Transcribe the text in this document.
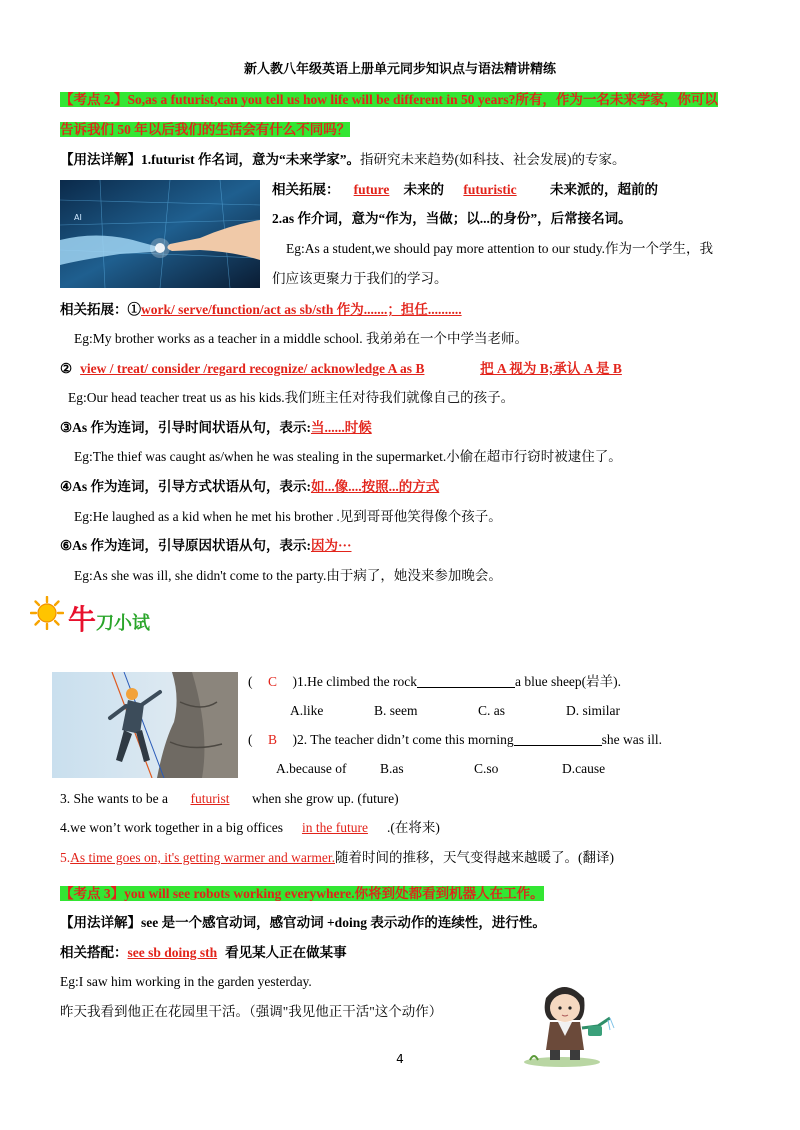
新人教八年级英语上册单元同步知识点与语法精讲精练
【考点 2.】So,as a futurist,can you tell us how life will be different in 50 years?所有，作为一名未来学家，你可以
告诉我们 50 年以后我们的生活会有什么不同吗？
【用法详解】1.futurist 作名词，意为“未来学家”。指研究未来趋势(如科技、社会发展)的专家。
AI
相关拓展： future 未来的 futuristic 未来派的，超前的
2.as 作介词，意为“作为，当做；以...的身份”，后常接名词。
Eg:As a student,we should pay more attention to our study.作为一个学生，我
们应该更聚力于我们的学习。
相关拓展：①work/ serve/function/act as sb/sth 作为.......；担任..........
Eg:My brother works as a teacher in a middle school. 我弟弟在一个中学当老师。
② view / treat/ consider /regard recognize/ acknowledge A as B	把 A 视为 B;承认 A 是 B
Eg:Our head teacher treat us as his kids.我们班主任对待我们就像自己的孩子。
③As 作为连词，引导时间状语从句，表示:当......时候
Eg:The thief was caught as/when he was stealing in the supermarket.小偷在超市行窃时被逮住了。
④As 作为连词，引导方式状语从句，表示:如...像....按照...的方式
Eg:He laughed as a kid when he met his brother .见到哥哥他笑得像个孩子。
⑥As 作为连词，引导原因状语从句，表示:因为···
Eg:As she was ill, she didn't come to the party.由于病了，她没来参加晚会。
牛刀小试
( C )1.He climbed the rock	a blue sheep(岩羊).
A.like	B. seem	C. as	D. similar
( B )2. The teacher didn’t come this morning	she was ill.
A.because of B.as	C.so	D.cause
3. She wants to be a futurist when she grow up. (future)
4.we won’t work together in a big offices in the future .(在将来)
5.As time goes on, it's getting warmer and warmer.随着时间的推移，天气变得越来越暖了。(翻译)
【考点 3】you will see robots working everywhere.你将到处都看到机器人在工作。
【用法详解】see 是一个感官动词，感官动词 +doing 表示动作的连续性，进行性。
相关搭配：see sb doing sth 看见某人正在做某事
Eg:I saw him working in the garden yesterday.
昨天我看到他正在花园里干活。（强调"我见他正干活"这个动作）
4
